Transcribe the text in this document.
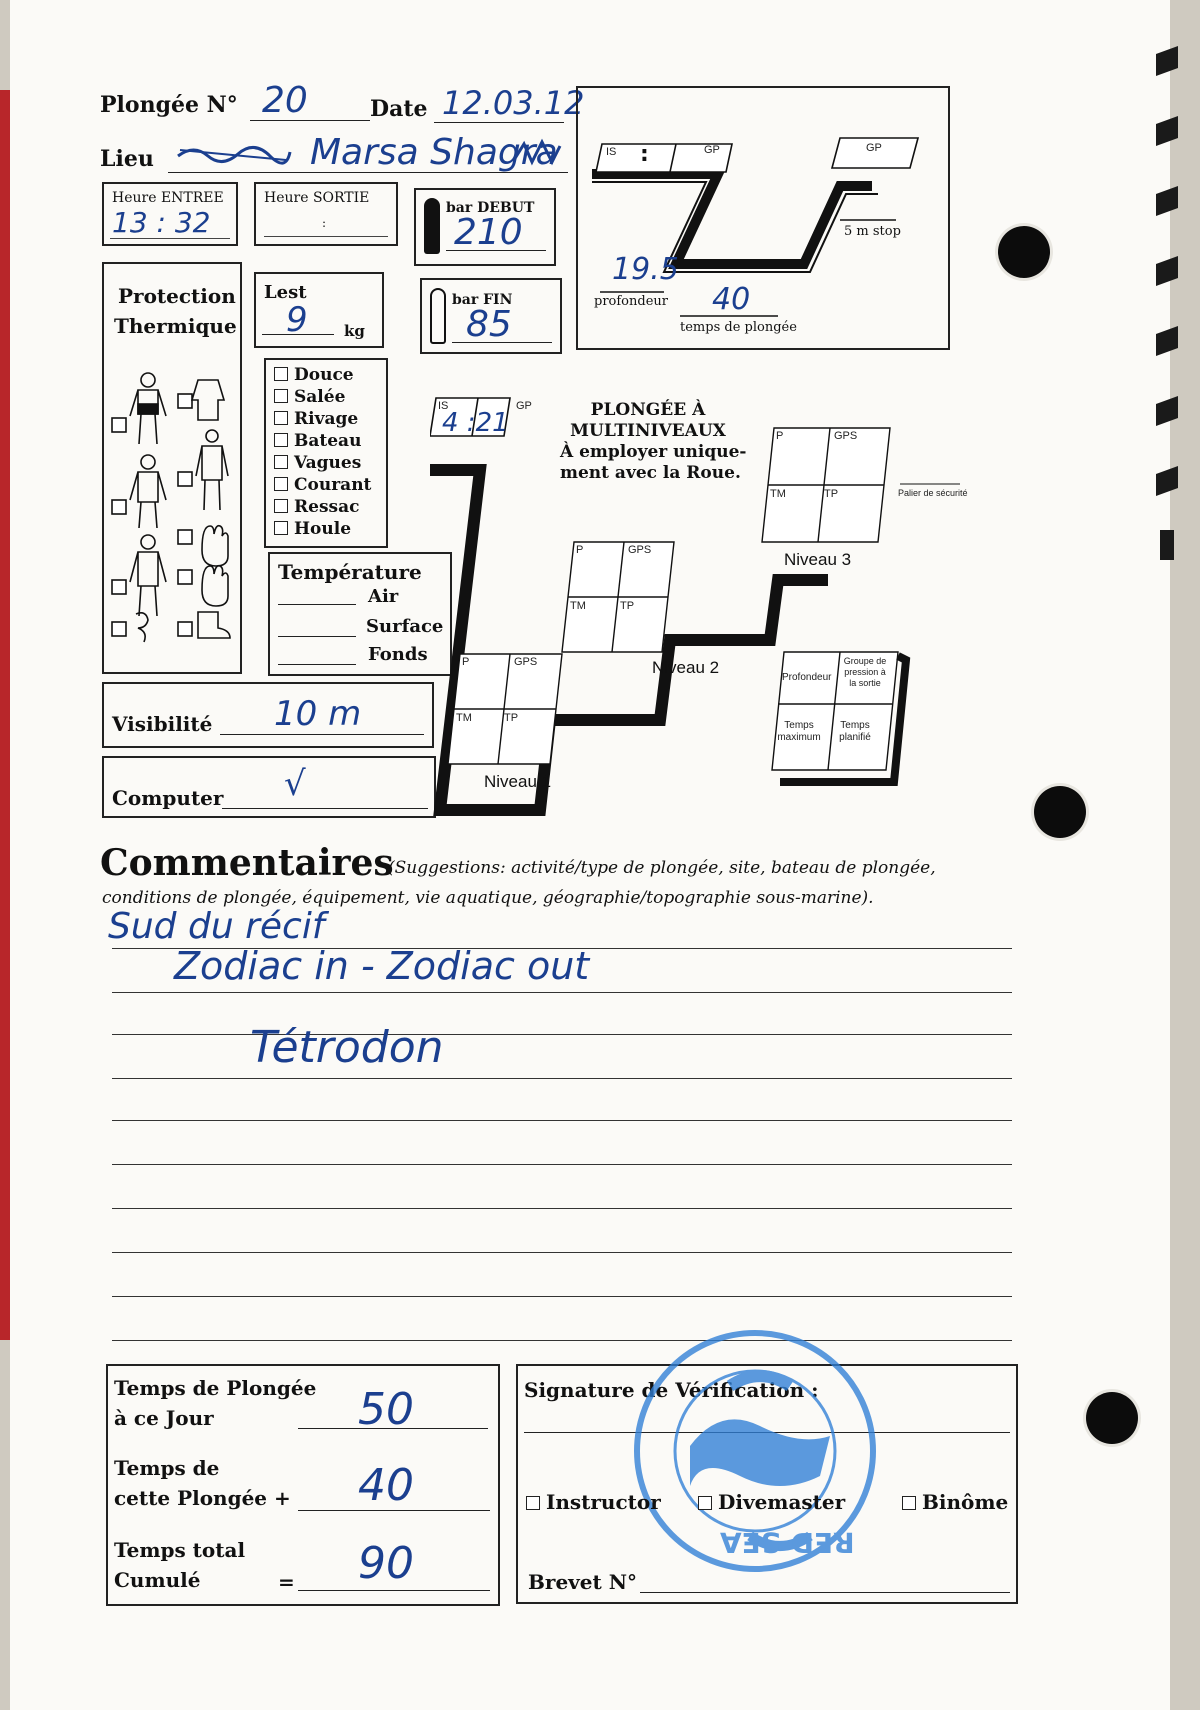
Plongée N° 20	Date 12.03.12
Lieu	Marsa Shagra
Heure ENTREE
13 : 32
Heure SORTIE
:
bar DEBUT
210
bar FIN
85
Protection
Thermique
Lest
9 kg
Douce
Salée
Rivage
Bateau
Vagues
Courant
Ressac
Houle
Température
Air
Surface
Fonds
Visibilité 10 m
Computer √
IS :	GP	GP
5 m stop
19.5
profondeur 40
temps de plongée
IS
4 :21
GP	PLONGÉE À
MULTINIVEAUX
À employer unique-
ment avec la Roue.
P	GPS
TM	TP
P	GPS
TM	TP
P	GPS
TM	TP
Niveau 1
Niveau 2
Niveau 3
Palier de sécurité
Profondeur
Groupe de pression à la sortie
Temps maximum
Temps planifié
Commentaires
(Suggestions: activité/type de plongée, site, bateau de plongée,
conditions de plongée, équipement, vie aquatique, géographie/topographie sous-marine).
Sud du récif
Zodiac in - Zodiac out
Tétrodon
Temps de Plongée
à ce Jour	50
Temps de
cette Plongée + 40
Temps total
Cumulé	= 90
Signature de Vérification :
RED SEA
Instructor	Divemaster	Binôme
Brevet N°
